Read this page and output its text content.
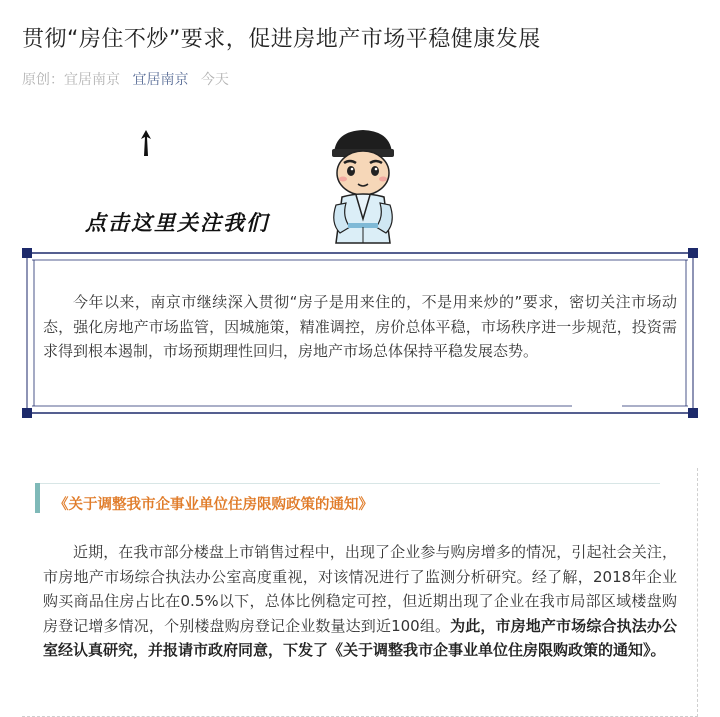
贯彻“房住不炒”要求，促进房地产市场平稳健康发展
原创：宜居南京 宜居南京 今天
点击这里关注我们

今年以来，南京市继续深入贯彻“房子是用来住的，不是用来炒的”要求，密切关注市场动态，强化房地产市场监管，因城施策，精准调控，房价总体平稳，市场秩序进一步规范，投资需求得到根本遏制，市场预期理性回归，房地产市场总体保持平稳发展态势。

《关于调整我市企事业单位住房限购政策的通知》

近期，在我市部分楼盘上市销售过程中，出现了企业参与购房增多的情况，引起社会关注，市房地产市场综合执法办公室高度重视，对该情况进行了监测分析研究。经了解，2018年企业购买商品住房占比在0.5%以下，总体比例稳定可控，但近期出现了企业在我市局部区域楼盘购房登记增多情况，个别楼盘购房登记企业数量达到近100组。为此，市房地产市场综合执法办公室经认真研究，并报请市政府同意，下发了《关于调整我市企事业单位住房限购政策的通知》。
